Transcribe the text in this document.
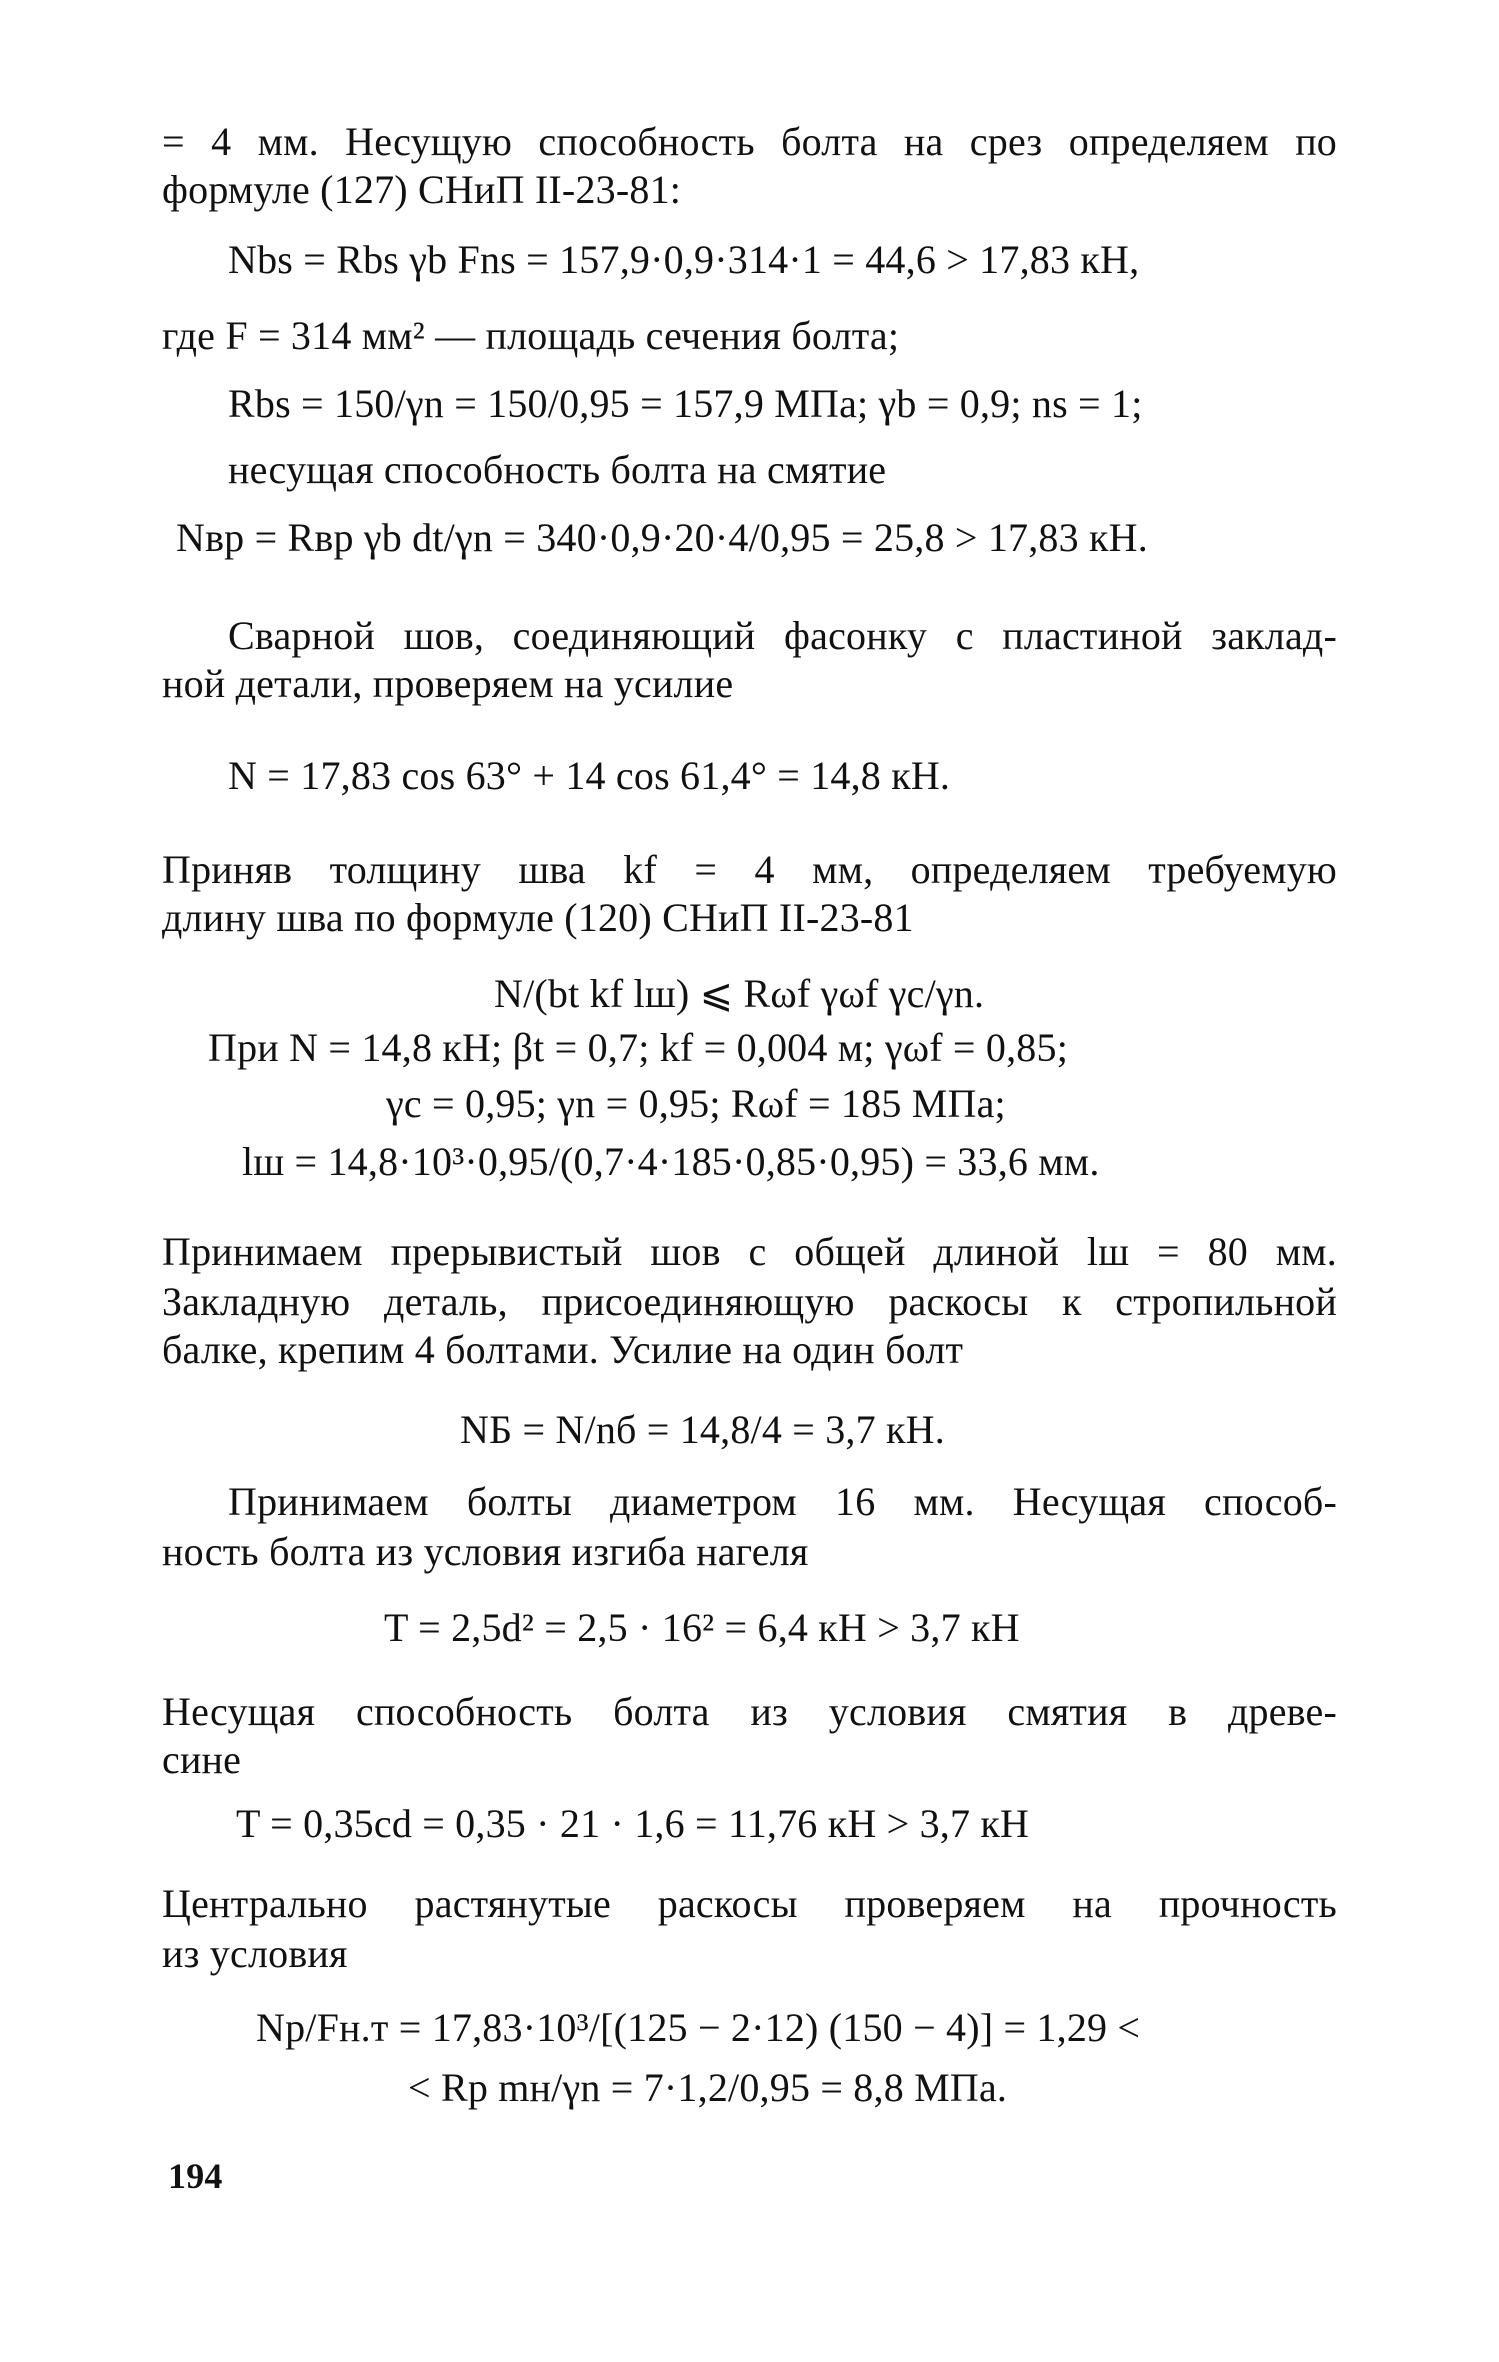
= 4 мм. Несущую способность болта на срез определяем по
формуле (127) СНиП II-23-81:
Nbs = Rbs γb Fns = 157,9·0,9·314·1 = 44,6 > 17,83 кН,
где F = 314 мм² — площадь сечения болта;
Rbs = 150/γn = 150/0,95 = 157,9 МПа; γb = 0,9; ns = 1;
несущая способность болта на смятие
Nвр = Rвр γb dt/γn = 340·0,9·20·4/0,95 = 25,8 > 17,83 кН.
Сварной шов, соединяющий фасонку с пластиной заклад-
ной детали, проверяем на усилие
N = 17,83 cos 63° + 14 cos 61,4° = 14,8 кН.
Приняв толщину шва kf = 4 мм, определяем требуемую
длину шва по формуле (120) СНиП II-23-81
N/(bt kf lш) ⩽ Rωf γωf γc/γn.
При N = 14,8 кН; βt = 0,7; kf = 0,004 м; γωf = 0,85;
γc = 0,95; γn = 0,95; Rωf = 185 МПа;
lш = 14,8·10³·0,95/(0,7·4·185·0,85·0,95) = 33,6 мм.
Принимаем прерывистый шов с общей длиной lш = 80 мм.
Закладную деталь, присоединяющую раскосы к стропильной
балке, крепим 4 болтами. Усилие на один болт
NБ = N/nб = 14,8/4 = 3,7 кН.
Принимаем болты диаметром 16 мм. Несущая способ-
ность болта из условия изгиба нагеля
T = 2,5d² = 2,5 · 16² = 6,4 кН > 3,7 кН
Несущая способность болта из условия смятия в древе-
сине
T = 0,35cd = 0,35 · 21 · 1,6 = 11,76 кН > 3,7 кН
Центрально растянутые раскосы проверяем на прочность
из условия
Nр/Fн.т = 17,83·10³/[(125 − 2·12) (150 − 4)] = 1,29 <
< Rр mн/γn = 7·1,2/0,95 = 8,8 МПа.
194
